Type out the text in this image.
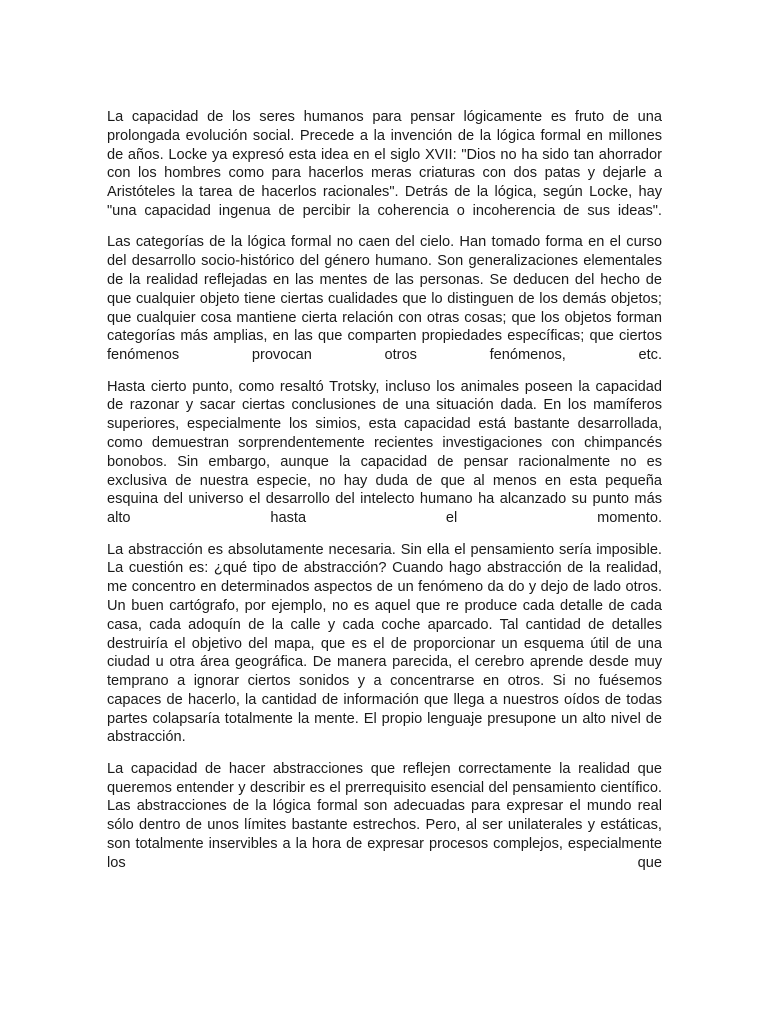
La capacidad de los seres humanos para pensar lógicamente es fruto de una prolongada evolución social. Precede a la invención de la lógica formal en millones de años. Locke ya expresó esta idea en el siglo XVII: "Dios no ha sido tan ahorrador con los hombres como para hacerlos meras criaturas con dos patas y dejarle a Aristóteles la tarea de hacerlos racionales". Detrás de la lógica, según Locke, hay "una capacidad ingenua de percibir la coherencia o incoherencia de sus ideas".

Las categorías de la lógica formal no caen del cielo. Han tomado forma en el curso del desarrollo socio-histórico del género humano. Son generalizaciones elementales de la realidad reflejadas en las mentes de las personas. Se deducen del hecho de que cualquier objeto tiene ciertas cualidades que lo distinguen de los demás objetos; que cualquier cosa mantiene cierta relación con otras cosas; que los objetos forman categorías más amplias, en las que comparten propiedades específicas; que ciertos fenómenos provocan otros fenómenos, etc.

Hasta cierto punto, como resaltó Trotsky, incluso los animales poseen la capacidad de razonar y sacar ciertas conclusiones de una situación dada. En los mamíferos superiores, especialmente los simios, esta capacidad está bastante desarrollada, como demuestran sorprendentemente recientes investigaciones con chimpancés bonobos. Sin embargo, aunque la capacidad de pensar racionalmente no es exclusiva de nuestra especie, no hay duda de que al menos en esta pequeña esquina del universo el desarrollo del intelecto humano ha alcanzado su punto más alto hasta el momento.

La abstracción es absolutamente necesaria. Sin ella el pensamiento sería imposible. La cuestión es: ¿qué tipo de abstracción? Cuando hago abstracción de la realidad, me concentro en determinados aspectos de un fenómeno da do y dejo de lado otros. Un buen cartógrafo, por ejemplo, no es aquel que re produce cada detalle de cada casa, cada adoquín de la calle y cada coche aparcado. Tal cantidad de detalles destruiría el objetivo del mapa, que es el de proporcionar un esquema útil de una ciudad u otra área geográfica. De manera parecida, el cerebro aprende desde muy temprano a ignorar ciertos sonidos y a concentrarse en otros. Si no fuésemos capaces de hacerlo, la cantidad de información que llega a nuestros oídos de todas partes colapsaría totalmente la mente. El propio lenguaje presupone un alto nivel de abstracción.

La capacidad de hacer abstracciones que reflejen correctamente la realidad que queremos entender y describir es el prerrequisito esencial del pensamiento científico. Las abstracciones de la lógica formal son adecuadas para expresar el mundo real sólo dentro de unos límites bastante estrechos. Pero, al ser unilaterales y estáticas, son totalmente inservibles a la hora de expresar procesos complejos, especialmente los que
